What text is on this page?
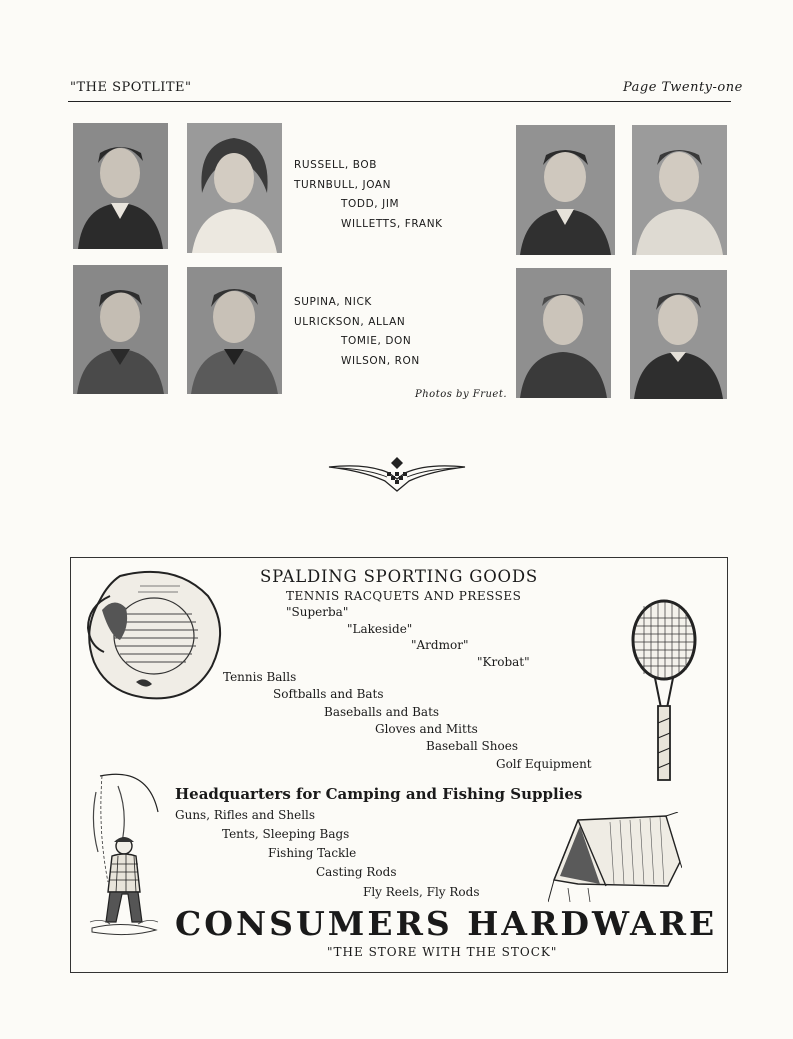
"THE SPOTLITE"	Page Twenty-one
RUSSELL, BOB
TURNBULL, JOAN
TODD, JIM
WILLETTS, FRANK
SUPINA, NICK
ULRICKSON, ALLAN
TOMIE, DON
WILSON, RON
Photos by Fruet.
SPALDING SPORTING GOODS
TENNIS RACQUETS AND PRESSES
"Superba"
"Lakeside"
"Ardmor"
"Krobat"
Tennis Balls
Softballs and Bats
Baseballs and Bats
Gloves and Mitts
Baseball Shoes
Golf Equipment
Headquarters for Camping and Fishing Supplies
Guns, Rifles and Shells
Tents, Sleeping Bags
Fishing Tackle
Casting Rods
Fly Reels, Fly Rods
CONSUMERS HARDWARE
"THE STORE WITH THE STOCK"
